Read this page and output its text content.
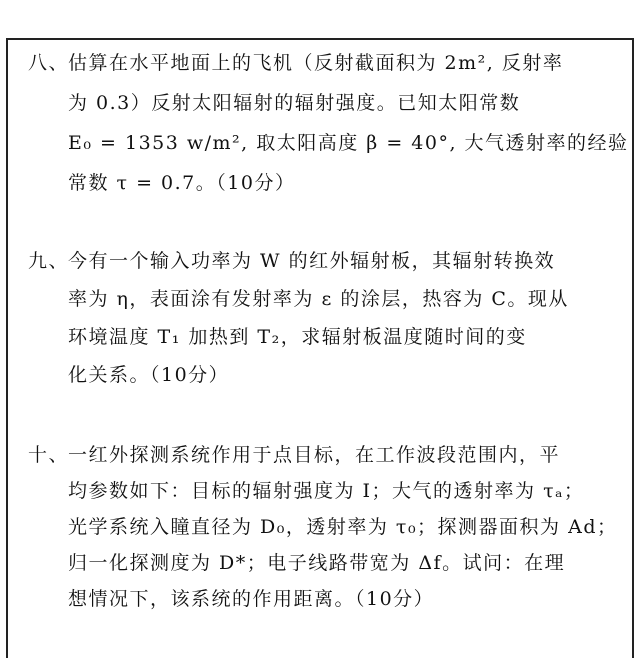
八、估算在水平地面上的飞机（反射截面积为 2m², 反射率
为 0.3）反射太阳辐射的辐射强度。已知太阳常数
E₀ = 1353 w/m², 取太阳高度 β = 40°, 大气透射率的经验
常数 τ = 0.7。（10分）
九、今有一个输入功率为 W 的红外辐射板，其辐射转换效
率为 η，表面涂有发射率为 ε 的涂层，热容为 C。现从
环境温度 T₁ 加热到 T₂，求辐射板温度随时间的变
化关系。（10分）
十、一红外探测系统作用于点目标，在工作波段范围内，平
均参数如下：目标的辐射强度为 I；大气的透射率为 τₐ；
光学系统入瞳直径为 D₀，透射率为 τ₀；探测器面积为 Ad；
归一化探测度为 D*；电子线路带宽为 Δf。试问：在理
想情况下，该系统的作用距离。（10分）
